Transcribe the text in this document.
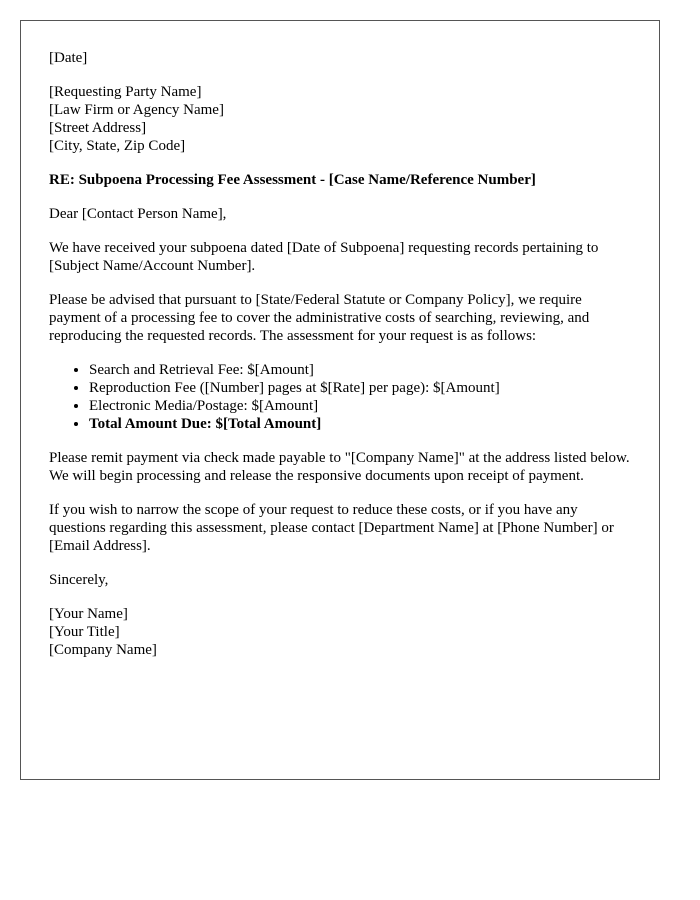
[Date]

[Requesting Party Name]
[Law Firm or Agency Name]
[Street Address]
[City, State, Zip Code]

RE: Subpoena Processing Fee Assessment - [Case Name/Reference Number]

Dear [Contact Person Name],

We have received your subpoena dated [Date of Subpoena] requesting records pertaining to [Subject Name/Account Number].

Please be advised that pursuant to [State/Federal Statute or Company Policy], we require payment of a processing fee to cover the administrative costs of searching, reviewing, and reproducing the requested records. The assessment for your request is as follows:

• Search and Retrieval Fee: $[Amount]
• Reproduction Fee ([Number] pages at $[Rate] per page): $[Amount]
• Electronic Media/Postage: $[Amount]
• Total Amount Due: $[Total Amount]

Please remit payment via check made payable to "[Company Name]" at the address listed below. We will begin processing and release the responsive documents upon receipt of payment.

If you wish to narrow the scope of your request to reduce these costs, or if you have any questions regarding this assessment, please contact [Department Name] at [Phone Number] or [Email Address].

Sincerely,

[Your Name]
[Your Title]
[Company Name]
